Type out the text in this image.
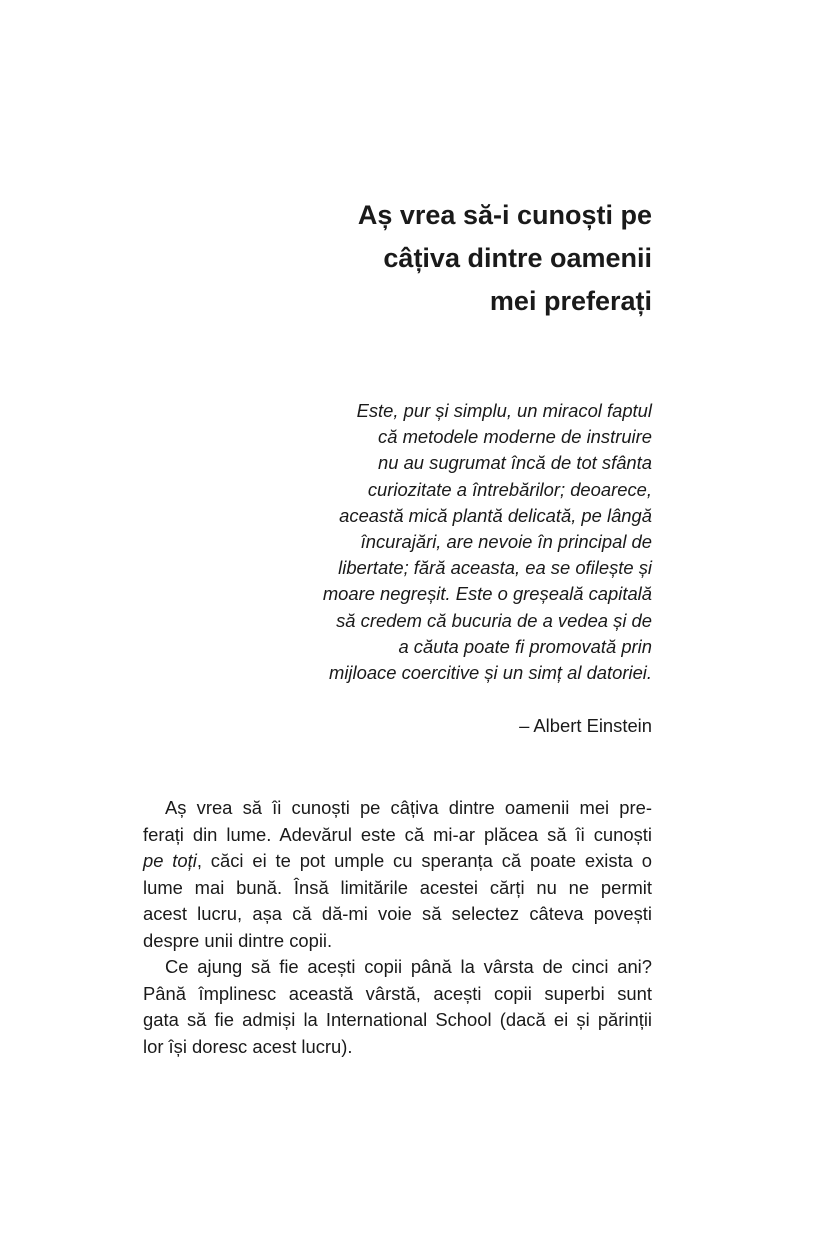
Aș vrea să-i cunoști pe
câțiva dintre oamenii
mei preferați
Este, pur și simplu, un miracol faptul
că metodele moderne de instruire
nu au sugrumat încă de tot sfânta
curiozitate a întrebărilor; deoarece,
această mică plantă delicată, pe lângă
încurajări, are nevoie în principal de
libertate; fără aceasta, ea se ofilește și
moare negreșit. Este o greșeală capitală
să credem că bucuria de a vedea și de
a căuta poate fi promovată prin
mijloace coercitive și un simț al datoriei.
– Albert Einstein

Aș vrea să îi cunoști pe câțiva dintre oamenii mei pre-
ferați din lume. Adevărul este că mi-ar plăcea să îi cunoști
pe toți, căci ei te pot umple cu speranța că poate exista o
lume mai bună. Însă limitările acestei cărți nu ne permit
acest lucru, așa că dă-mi voie să selectez câteva povești
despre unii dintre copii.

Ce ajung să fie acești copii până la vârsta de cinci ani?
Până împlinesc această vârstă, acești copii superbi sunt
gata să fie admiși la International School (dacă ei și părinții
lor își doresc acest lucru).
